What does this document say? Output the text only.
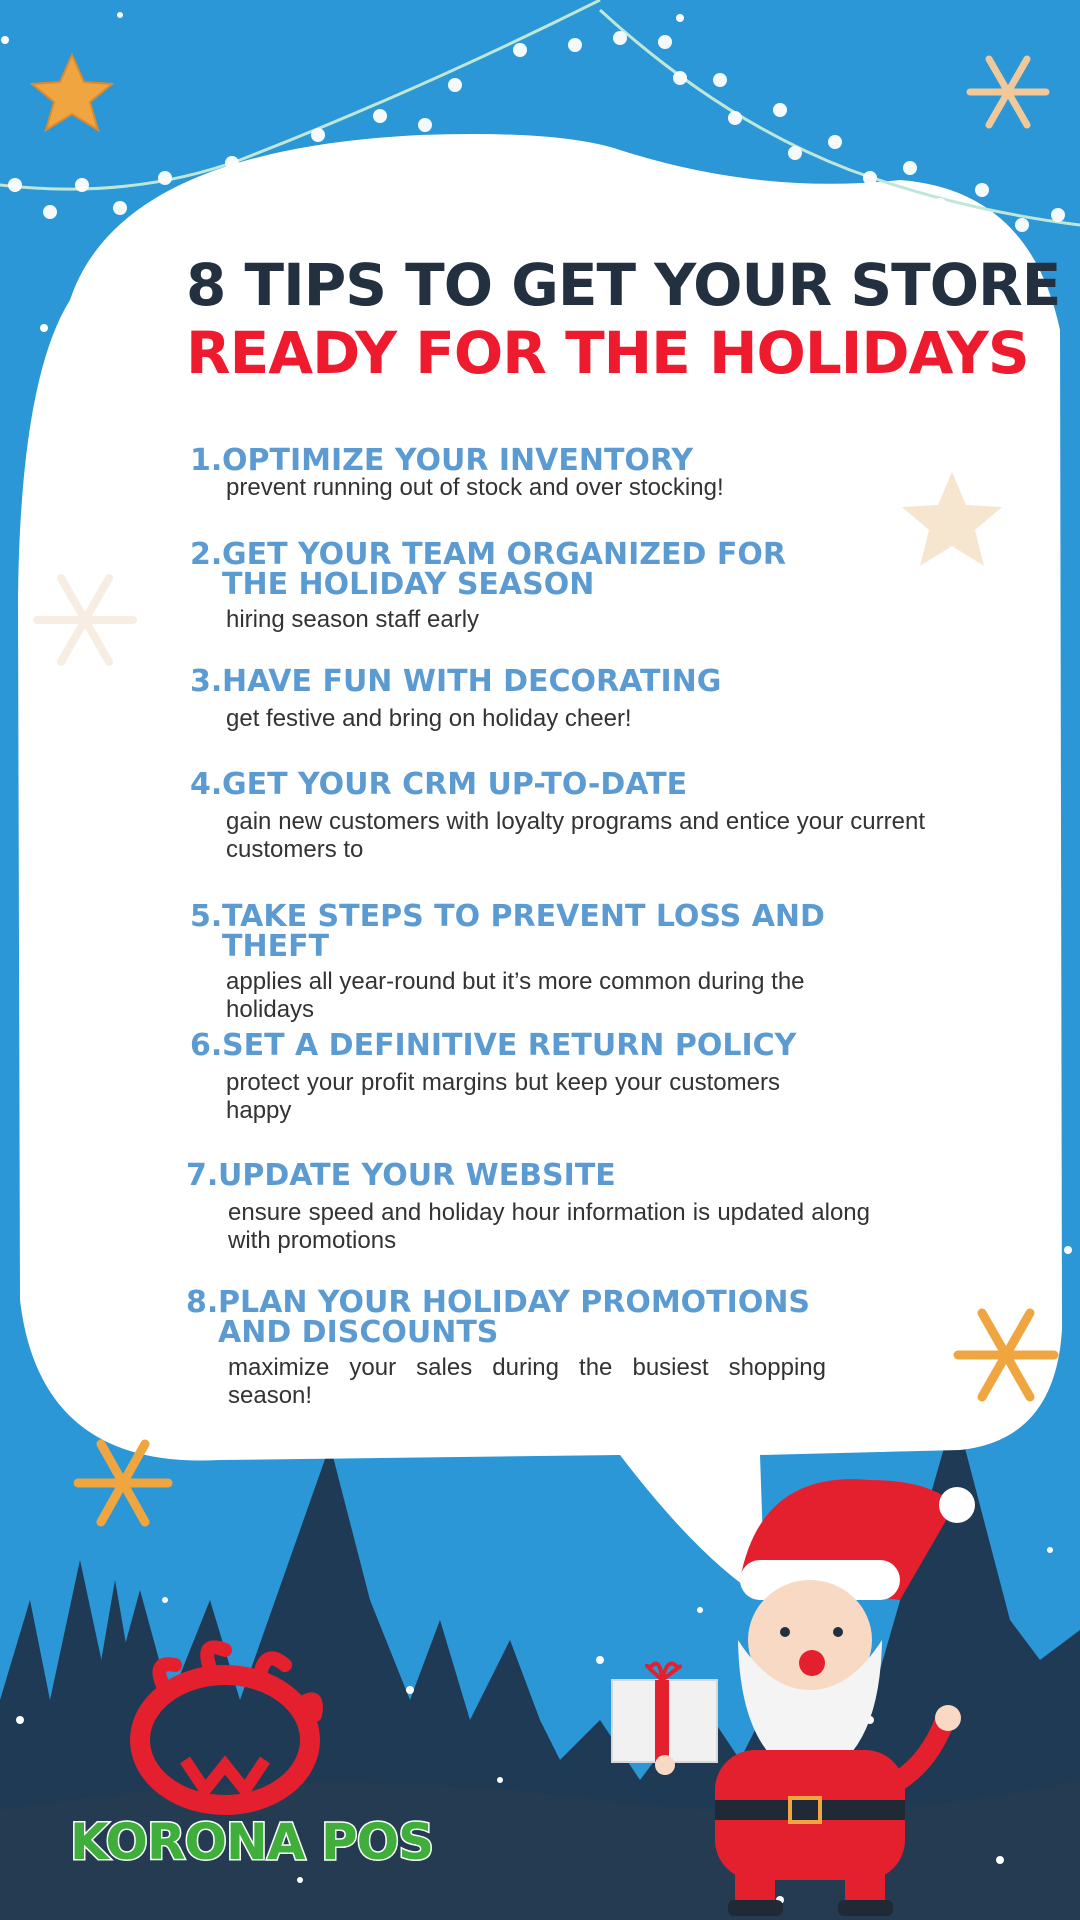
8 TIPS TO GET YOUR STORE
READY FOR THE HOLIDAYS
1. OPTIMIZE YOUR INVENTORY
prevent running out of stock and over stocking!
2. GET YOUR TEAM ORGANIZED FOR THE HOLIDAY SEASON
hiring season staff early
3. HAVE FUN WITH DECORATING
get festive and bring on holiday cheer!
4. GET YOUR CRM UP-TO-DATE
gain new customers with loyalty programs and entice your current customers to
5. TAKE STEPS TO PREVENT LOSS AND THEFT
applies all year-round but it’s more common during the holidays
6. SET A DEFINITIVE RETURN POLICY
protect your profit margins but keep your customers happy
7. UPDATE YOUR WEBSITE
ensure speed and holiday hour information is updated along with promotions
8. PLAN YOUR HOLIDAY PROMOTIONS AND DISCOUNTS
maximize your sales during the busiest shopping season!
KORONA POS
